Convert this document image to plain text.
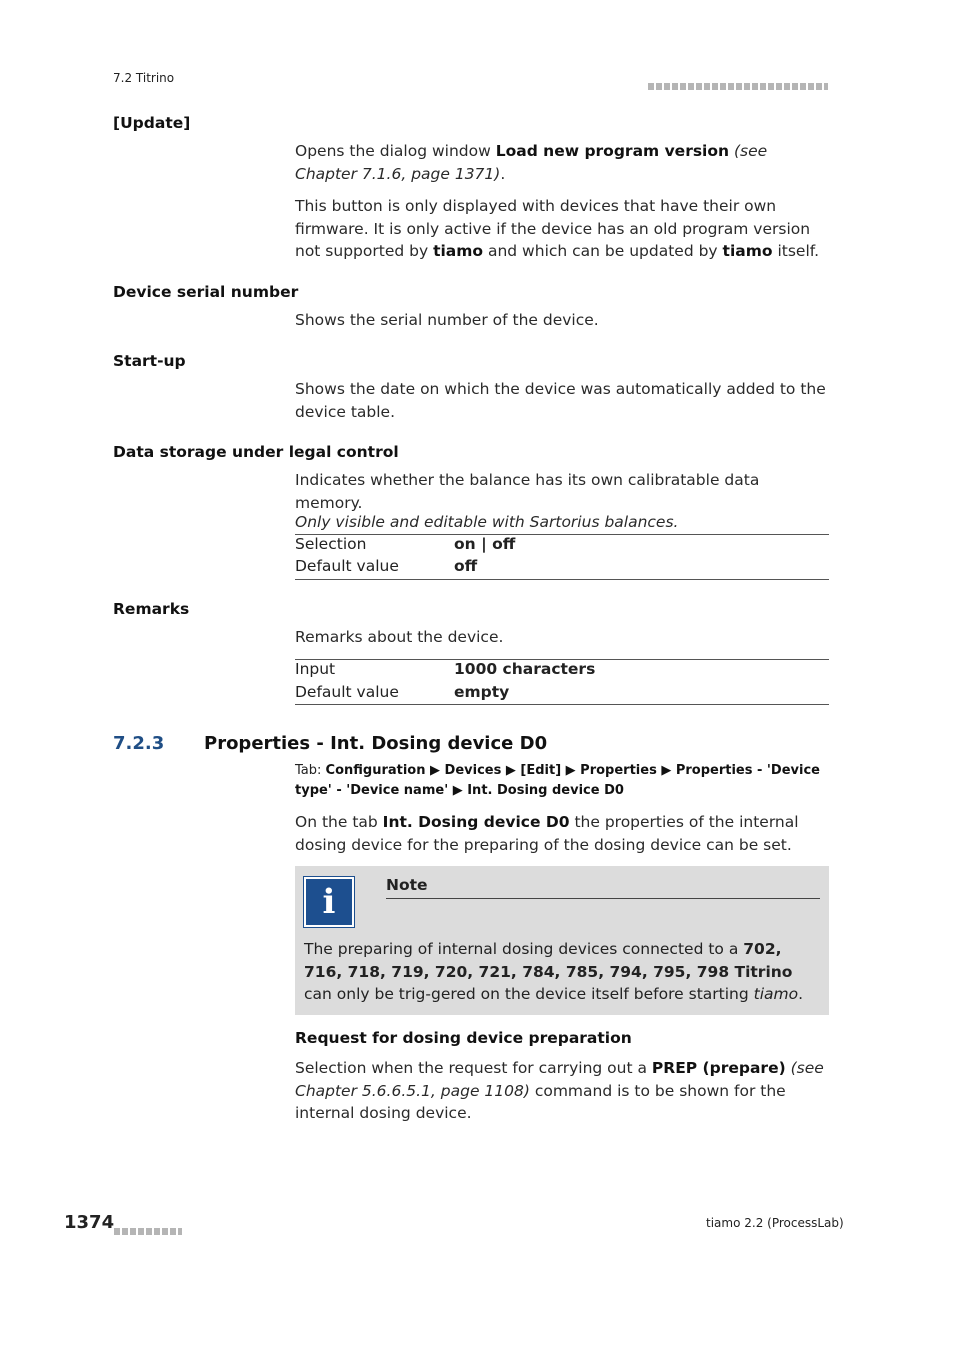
7.2 Titrino
[Update]
Opens the dialog window Load new program version (see Chapter 7.1.6, page 1371).
This button is only displayed with devices that have their own firmware. It is only active if the device has an old program version not supported by tiamo and which can be updated by tiamo itself.
Device serial number
Shows the serial number of the device.
Start-up
Shows the date on which the device was automatically added to the device table.
Data storage under legal control
Indicates whether the balance has its own calibratable data memory.
Only visible and editable with Sartorius balances.
Selection	on | off
Default value	off
Remarks
Remarks about the device.
Input	1000 characters
Default value	empty
7.2.3 Properties - Int. Dosing device D0
Tab: Configuration ▶ Devices ▶ [Edit] ▶ Properties ▶ Properties - 'Device type' - 'Device name' ▶ Int. Dosing device D0
On the tab Int. Dosing device D0 the properties of the internal dosing device for the preparing of the dosing device can be set.
i	Note
The preparing of internal dosing devices connected to a 702, 716, 718, 719, 720, 721, 784, 785, 794, 795, 798 Titrino can only be trig-gered on the device itself before starting tiamo.
Request for dosing device preparation
Selection when the request for carrying out a PREP (prepare) (see Chapter 5.6.6.5.1, page 1108) command is to be shown for the internal dosing device.
1374	tiamo 2.2 (ProcessLab)
